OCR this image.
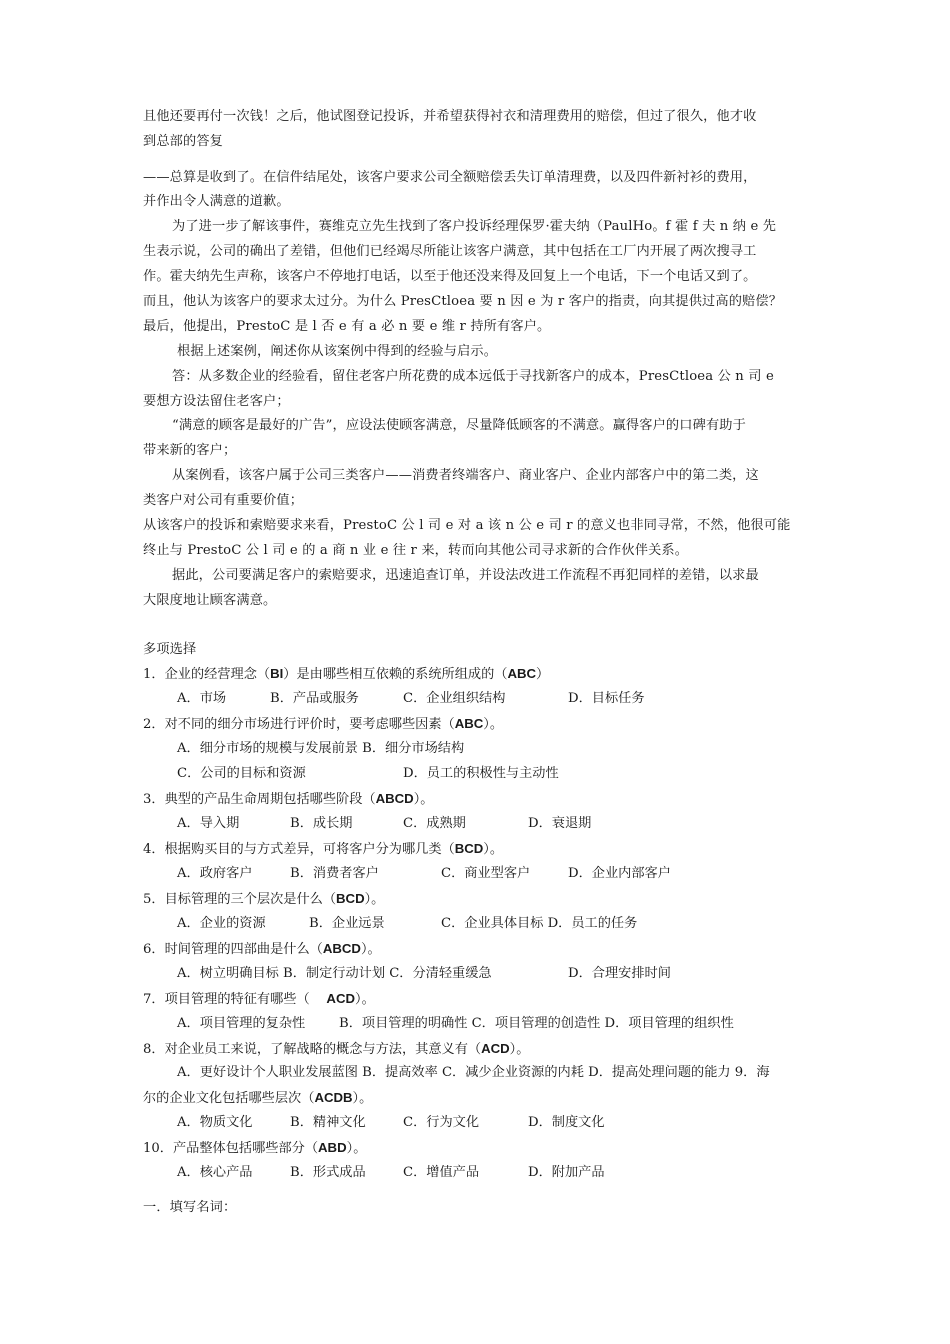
且他还要再付一次钱！之后，他试图登记投诉，并希望获得衬衣和清理费用的赔偿，但过了很久，他才收
到总部的答复
——总算是收到了。在信件结尾处，该客户要求公司全额赔偿丢失订单清理费，以及四件新衬衫的费用，
并作出令人满意的道歉。
为了进一步了解该事件，赛维克立先生找到了客户投诉经理保罗·霍夫纳（PaulHo。f 霍 f 夫 n 纳 e 先
生表示说，公司的确出了差错，但他们已经竭尽所能让该客户满意，其中包括在工厂内开展了两次搜寻工
作。霍夫纳先生声称，该客户不停地打电话，以至于他还没来得及回复上一个电话，下一个电话又到了。
而且，他认为该客户的要求太过分。为什么 PresCtloea 要 n 因 e 为 r 客户的指责，向其提供过高的赔偿？
最后，他提出，PrestoC 是 l 否 e 有 a 必 n 要 e 维 r 持所有客户。
根据上述案例，阐述你从该案例中得到的经验与启示。
答：从多数企业的经验看，留住老客户所花费的成本远低于寻找新客户的成本，PresCtloea 公 n 司 e
要想方设法留住老客户；
“满意的顾客是最好的广告”，应设法使顾客满意，尽量降低顾客的不满意。赢得客户的口碑有助于
带来新的客户；
从案例看，该客户属于公司三类客户——消费者终端客户、商业客户、企业内部客户中的第二类，这
类客户对公司有重要价值；
从该客户的投诉和索赔要求来看，PrestoC 公 l 司 e 对 a 该 n 公 e 司 r 的意义也非同寻常，不然，他很可能
终止与 PrestoC 公 l 司 e 的 a 商 n 业 e 往 r 来，转而向其他公司寻求新的合作伙伴关系。
据此，公司要满足客户的索赔要求，迅速追查订单，并设法改进工作流程不再犯同样的差错，以求最
大限度地让顾客满意。
多项选择
1．企业的经营理念（BI）是由哪些相互依赖的系统所组成的（ABC）
A．市场	B．产品或服务	C．企业组织结构	D．目标任务
2．对不同的细分市场进行评价时，要考虑哪些因素（ABC）。
A．细分市场的规模与发展前景 B．细分市场结构
C．公司的目标和资源	D．员工的积极性与主动性
3．典型的产品生命周期包括哪些阶段（ABCD）。
A．导入期	B．成长期	C．成熟期	D．衰退期
4．根据购买目的与方式差异，可将客户分为哪几类（BCD）。
A．政府客户	B．消费者客户	C．商业型客户	D．企业内部客户
5．目标管理的三个层次是什么（BCD）。
A．企业的资源	B．企业远景	C．企业具体目标 D．员工的任务
6．时间管理的四部曲是什么（ABCD）。
A．树立明确目标 B．制定行动计划 C．分清轻重缓急	D．合理安排时间
7．项目管理的特征有哪些（ ACD）。
A．项目管理的复杂性	B．项目管理的明确性 C．项目管理的创造性 D．项目管理的组织性
8．对企业员工来说，了解战略的概念与方法，其意义有（ACD）。
A．更好设计个人职业发展蓝图 B．提高效率 C．减少企业资源的内耗 D．提高处理问题的能力 9．海
尔的企业文化包括哪些层次（ACDB）。
A．物质文化	B．精神文化	C．行为文化	D．制度文化
10．产品整体包括哪些部分（ABD）。
A．核心产品	B．形式成品	C．增值产品	D．附加产品
一．填写名词：
